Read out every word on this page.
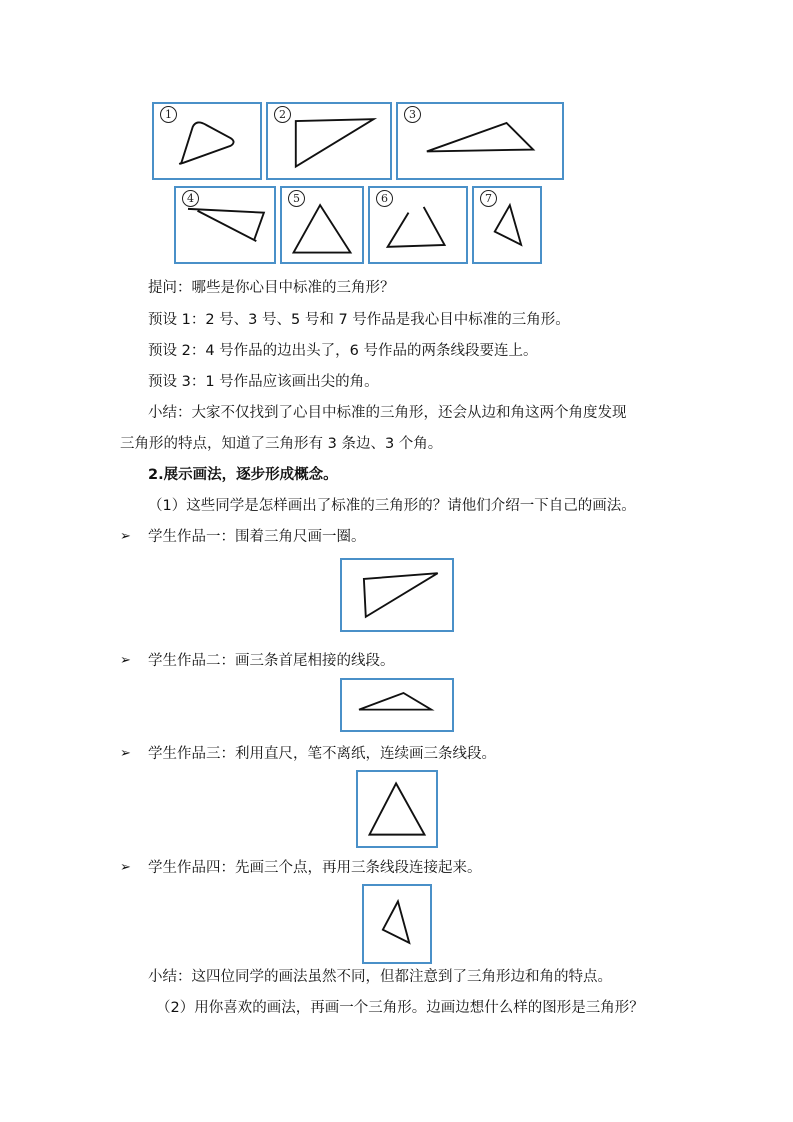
1	2	3
4	5	6	7
提问：哪些是你心目中标准的三角形？
预设 1：2 号、3 号、5 号和 7 号作品是我心目中标准的三角形。
预设 2：4 号作品的边出头了，6 号作品的两条线段要连上。
预设 3：1 号作品应该画出尖的角。
小结：大家不仅找到了心目中标准的三角形，还会从边和角这两个角度发现
三角形的特点，知道了三角形有 3 条边、3 个角。
2.展示画法，逐步形成概念。
（1）这些同学是怎样画出了标准的三角形的？请他们介绍一下自己的画法。
➢ 学生作品一：围着三角尺画一圈。
➢ 学生作品二：画三条首尾相接的线段。
➢ 学生作品三：利用直尺，笔不离纸，连续画三条线段。
➢ 学生作品四：先画三个点，再用三条线段连接起来。
小结：这四位同学的画法虽然不同，但都注意到了三角形边和角的特点。
（2）用你喜欢的画法，再画一个三角形。边画边想什么样的图形是三角形？
